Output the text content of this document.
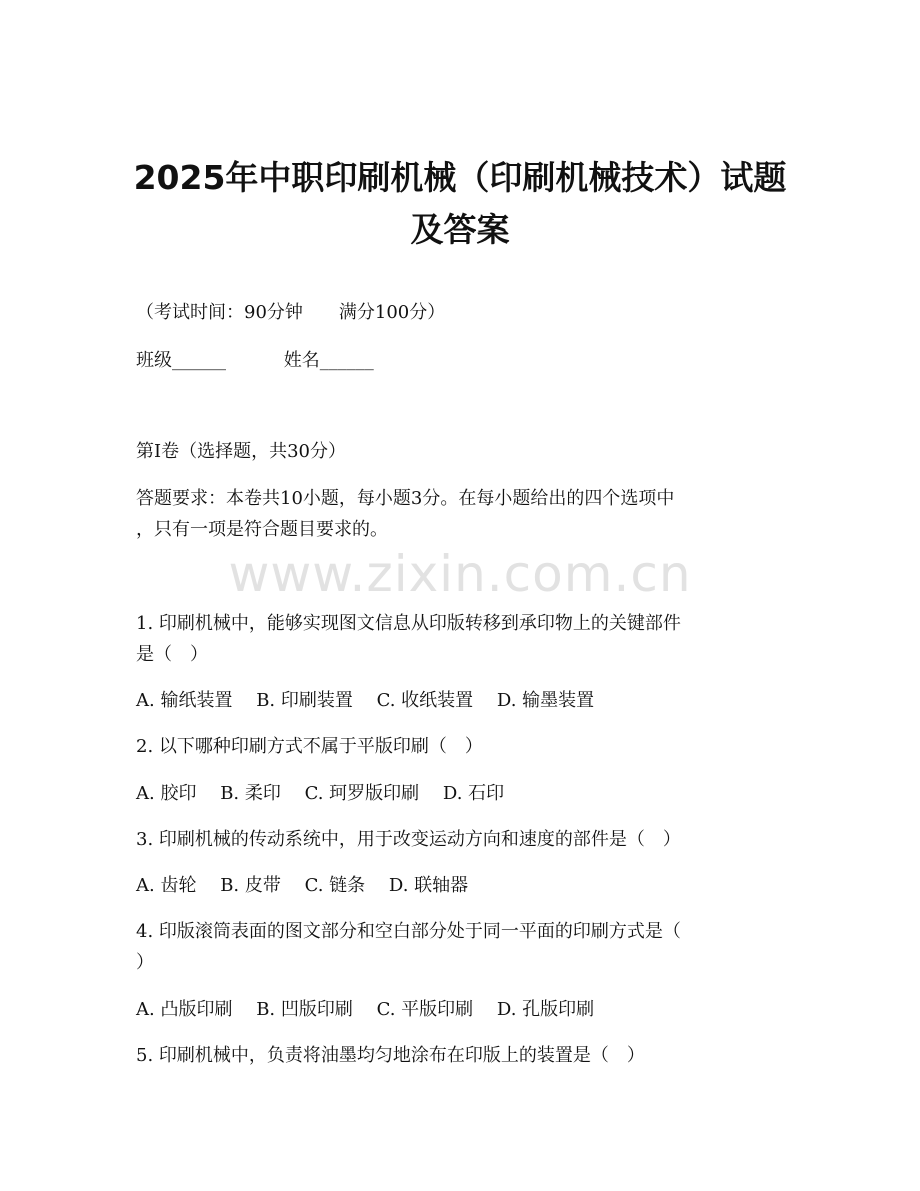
2025年中职印刷机械（印刷机械技术）试题
及答案
（考试时间：90分钟　　满分100分）
班级______	姓名______
第I卷（选择题，共30分）
答题要求：本卷共10小题，每小题3分。在每小题给出的四个选项中
，只有一项是符合题目要求的。
www.zixin.com.cn
1. 印刷机械中，能够实现图文信息从印版转移到承印物上的关键部件
是（　）
A. 输纸装置 B. 印刷装置 C. 收纸装置 D. 输墨装置
2. 以下哪种印刷方式不属于平版印刷（　）
A. 胶印 B. 柔印 C. 珂罗版印刷 D. 石印
3. 印刷机械的传动系统中，用于改变运动方向和速度的部件是（　）
A. 齿轮 B. 皮带 C. 链条 D. 联轴器
4. 印版滚筒表面的图文部分和空白部分处于同一平面的印刷方式是（
）
A. 凸版印刷 B. 凹版印刷 C. 平版印刷 D. 孔版印刷
5. 印刷机械中，负责将油墨均匀地涂布在印版上的装置是（　）
